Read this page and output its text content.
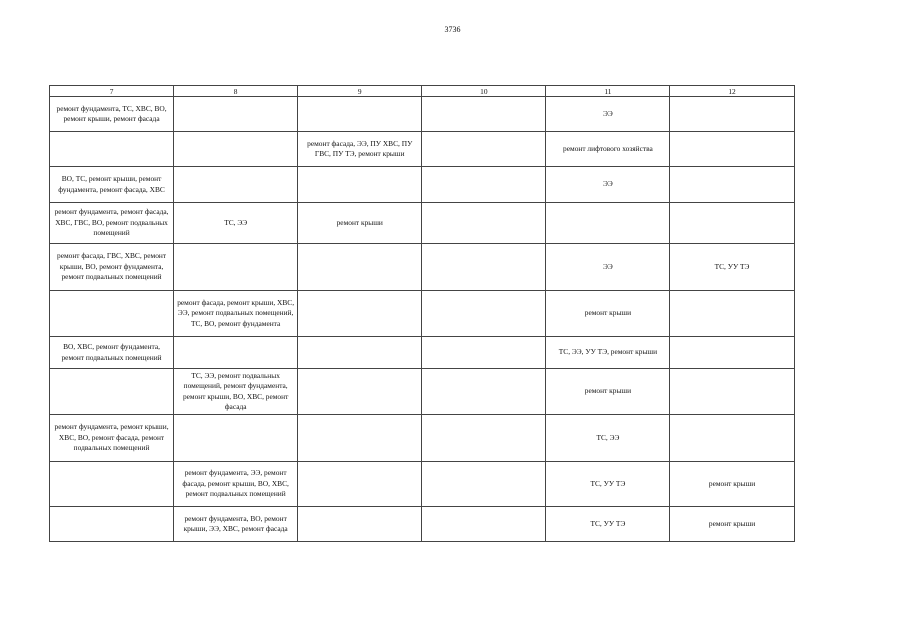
3736
7	8	9	10	11	12
ремонт фундамента, ТС, ХВС, ВО, ремонт крыши, ремонт фасада				ЭЭ	
		ремонт фасада, ЭЭ, ПУ ХВС, ПУ ГВС, ПУ ТЭ, ремонт крыши		ремонт лифтового хозяйства	
ВО, ТС, ремонт крыши, ремонт фундамента, ремонт фасада, ХВС				ЭЭ	
ремонт фундамента, ремонт фасада, ХВС, ГВС, ВО, ремонт подвальных помещений	ТС, ЭЭ	ремонт крыши			
ремонт фасада, ГВС, ХВС, ремонт крыши, ВО, ремонт фундамента, ремонт подвальных помещений				ЭЭ	ТС, УУ ТЭ
	ремонт фасада, ремонт крыши, ХВС, ЭЭ, ремонт подвальных помещений, ТС, ВО, ремонт фундамента			ремонт крыши	
ВО, ХВС, ремонт фундамента, ремонт подвальных помещений				ТС, ЭЭ, УУ ТЭ, ремонт крыши	
	ТС, ЭЭ, ремонт подвальных помещений, ремонт фундамента, ремонт крыши, ВО, ХВС, ремонт фасада			ремонт крыши	
ремонт фундамента, ремонт крыши, ХВС, ВО, ремонт фасада, ремонт подвальных помещений				ТС, ЭЭ	
	ремонт фундамента, ЭЭ, ремонт фасада, ремонт крыши, ВО, ХВС, ремонт подвальных помещений			ТС, УУ ТЭ	ремонт крыши
	ремонт фундамента, ВО, ремонт крыши, ЭЭ, ХВС, ремонт фасада			ТС, УУ ТЭ	ремонт крыши
